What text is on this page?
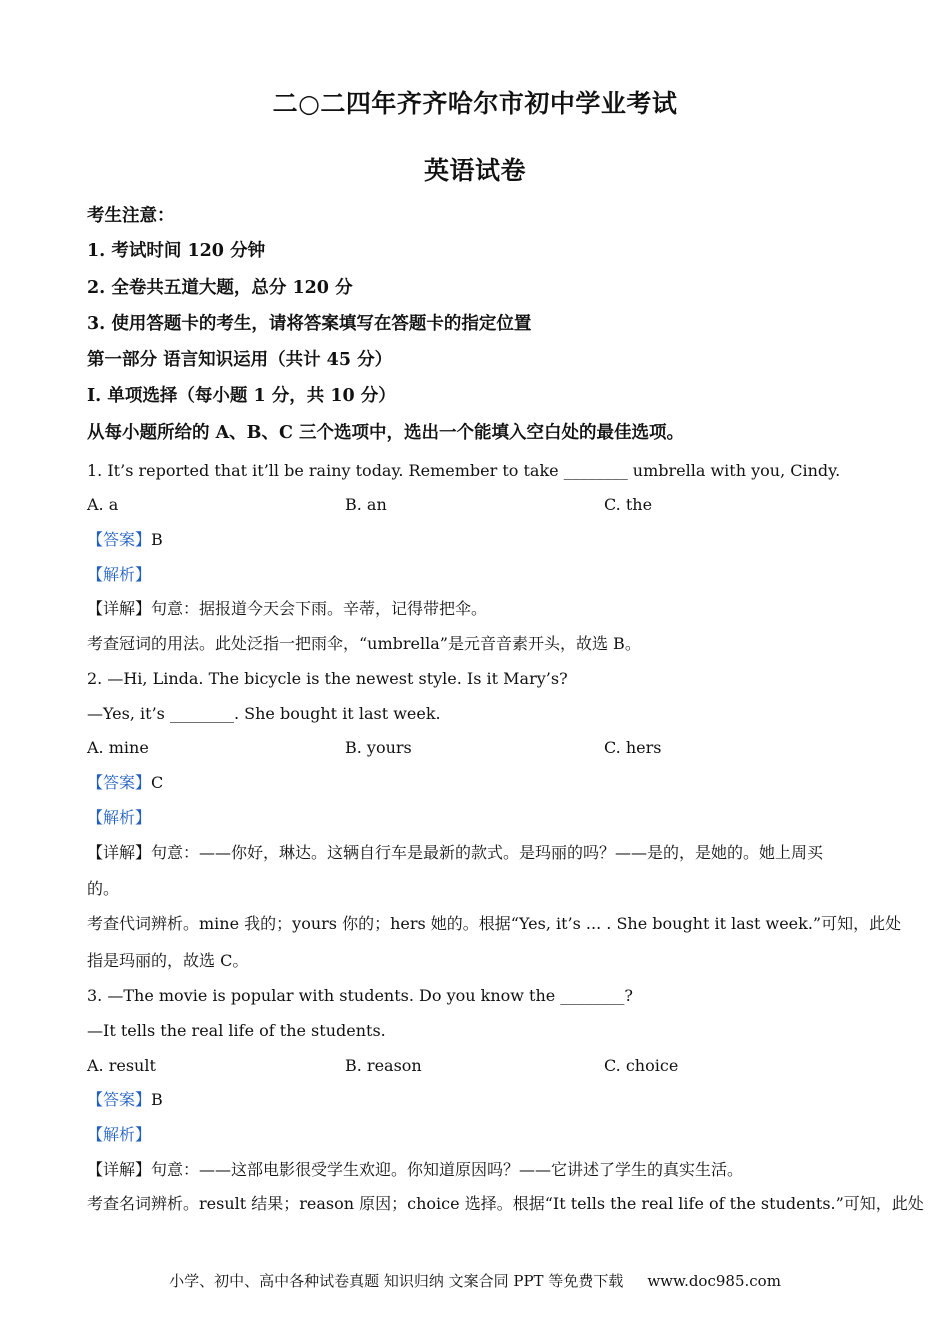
二○二四年齐齐哈尔市初中学业考试
英语试卷
考生注意：
1. 考试时间 120 分钟
2. 全卷共五道大题，总分 120 分
3. 使用答题卡的考生，请将答案填写在答题卡的指定位置
第一部分 语言知识运用（共计 45 分）
I. 单项选择（每小题 1 分，共 10 分）
从每小题所给的 A、B、C 三个选项中，选出一个能填入空白处的最佳选项。
1. It’s reported that it’ll be rainy today. Remember to take ________ umbrella with you, Cindy.
A. a	B. an	C. the
【答案】B
【解析】
【详解】句意：据报道今天会下雨。辛蒂，记得带把伞。
考查冠词的用法。此处泛指一把雨伞，“umbrella”是元音音素开头，故选 B。
2. —Hi, Linda. The bicycle is the newest style. Is it Mary’s?
—Yes, it’s ________. She bought it last week.
A. mine	B. yours	C. hers
【答案】C
【解析】
【详解】句意：——你好，琳达。这辆自行车是最新的款式。是玛丽的吗？——是的，是她的。她上周买
的。
考查代词辨析。mine 我的；yours 你的；hers 她的。根据“Yes, it’s ... . She bought it last week.”可知，此处
指是玛丽的，故选 C。
3. —The movie is popular with students. Do you know the ________?
—It tells the real life of the students.
A. result	B. reason	C. choice
【答案】B
【解析】
【详解】句意：——这部电影很受学生欢迎。你知道原因吗？——它讲述了学生的真实生活。
考查名词辨析。result 结果；reason 原因；choice 选择。根据“It tells the real life of the students.”可知，此处
小学、初中、高中各种试卷真题 知识归纳 文案合同 PPT 等免费下载 www.doc985.com
